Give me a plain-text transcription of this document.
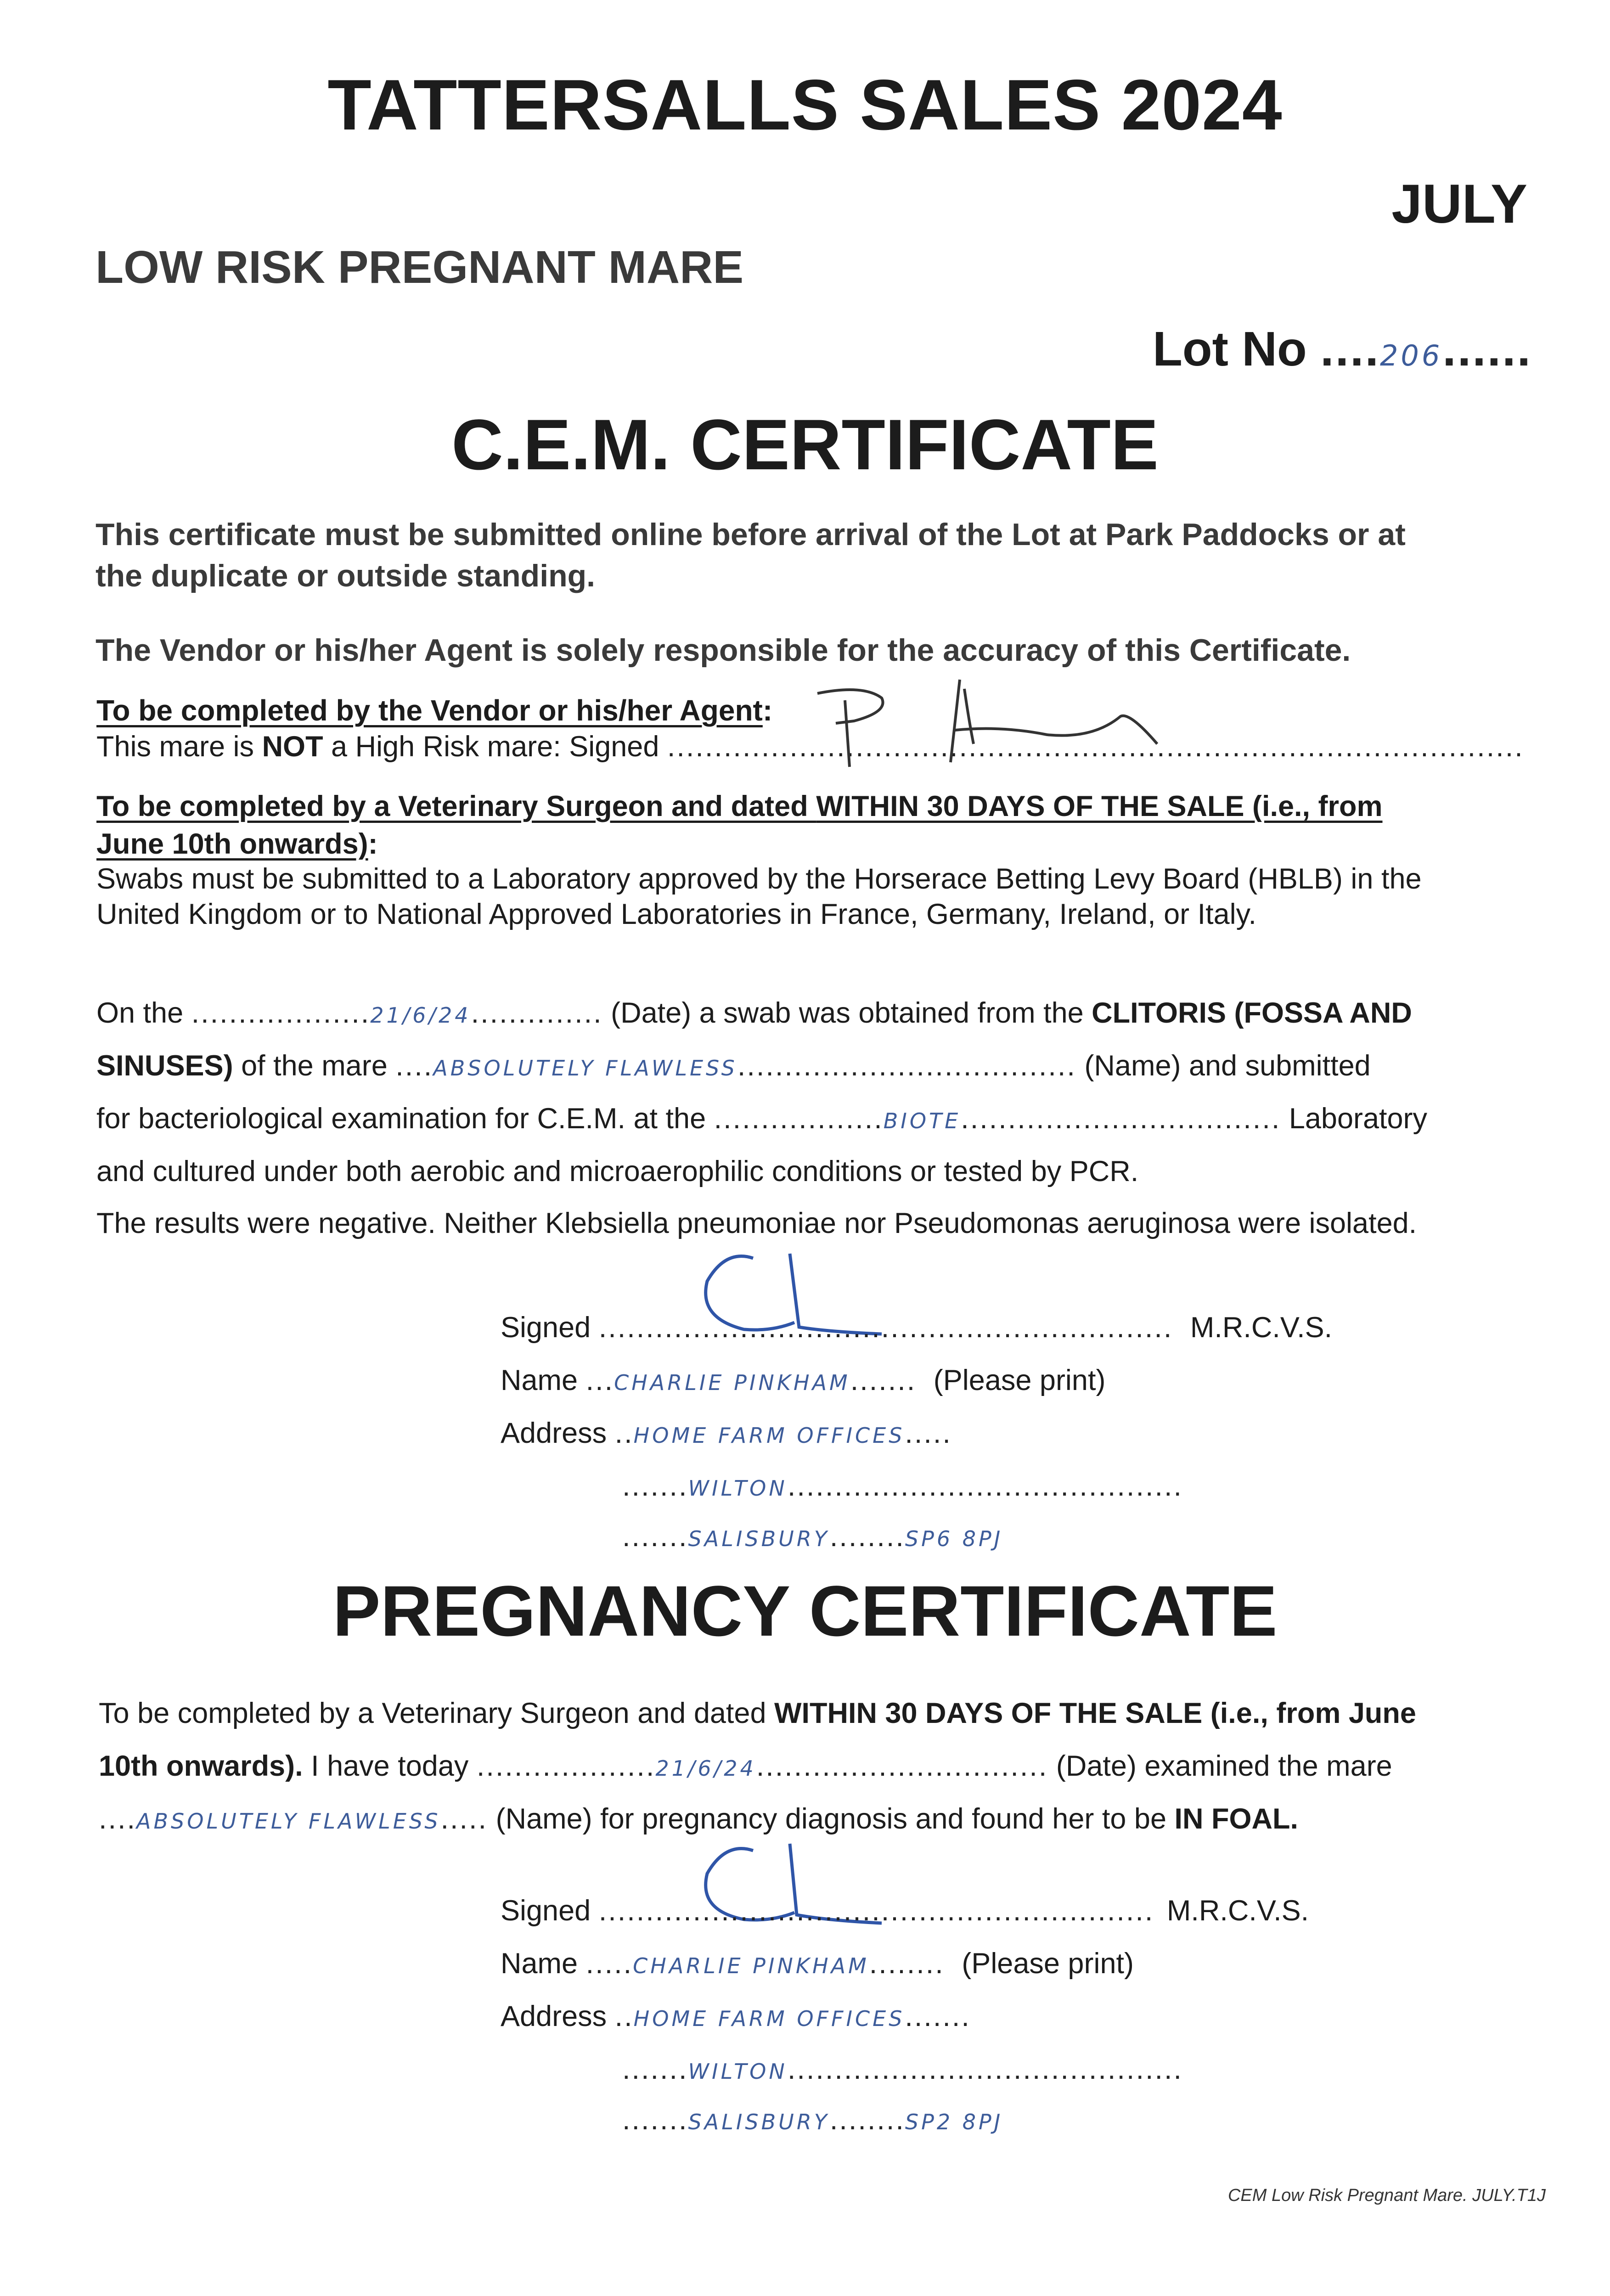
TATTERSALLS SALES 2024
JULY
LOW RISK PREGNANT MARE
Lot No ....206......
C.E.M. CERTIFICATE
This certificate must be submitted online before arrival of the Lot at Park Paddocks or at
the duplicate or outside standing.
The Vendor or his/her Agent is solely responsible for the accuracy of this Certificate.
To be completed by the Vendor or his/her Agent:
This mare is NOT a High Risk mare: Signed ...........................................................................................
To be completed by a Veterinary Surgeon and dated WITHIN 30 DAYS OF THE SALE (i.e., from
June 10th onwards):
Swabs must be submitted to a Laboratory approved by the Horserace Betting Levy Board (HBLB) in the
United Kingdom or to National Approved Laboratories in France, Germany, Ireland, or Italy.
On the ...................21/6/24.............. (Date) a swab was obtained from the CLITORIS (FOSSA AND
SINUSES) of the mare ....ABSOLUTELY FLAWLESS.................................... (Name) and submitted
for bacteriological examination for C.E.M. at the ..................BIOTE.................................. Laboratory
and cultured under both aerobic and microaerophilic conditions or tested by PCR.
The results were negative. Neither Klebsiella pneumoniae nor Pseudomonas aeruginosa were isolated.
Signed ............................................................. M.R.C.V.S.
Name ...CHARLIE PINKHAM....... (Please print)
Address ..HOME FARM OFFICES.....
.......WILTON..........................................
.......SALISBURY........SP6 8PJ
PREGNANCY CERTIFICATE
To be completed by a Veterinary Surgeon and dated WITHIN 30 DAYS OF THE SALE (i.e., from June
10th onwards). I have today ...................21/6/24............................... (Date) examined the mare
....ABSOLUTELY FLAWLESS..... (Name) for pregnancy diagnosis and found her to be IN FOAL.
Signed ........................................................... M.R.C.V.S.
Name .....CHARLIE PINKHAM........ (Please print)
Address ..HOME FARM OFFICES.......
.......WILTON..........................................
.......SALISBURY........SP2 8PJ
CEM Low Risk Pregnant Mare. JULY.T1J
